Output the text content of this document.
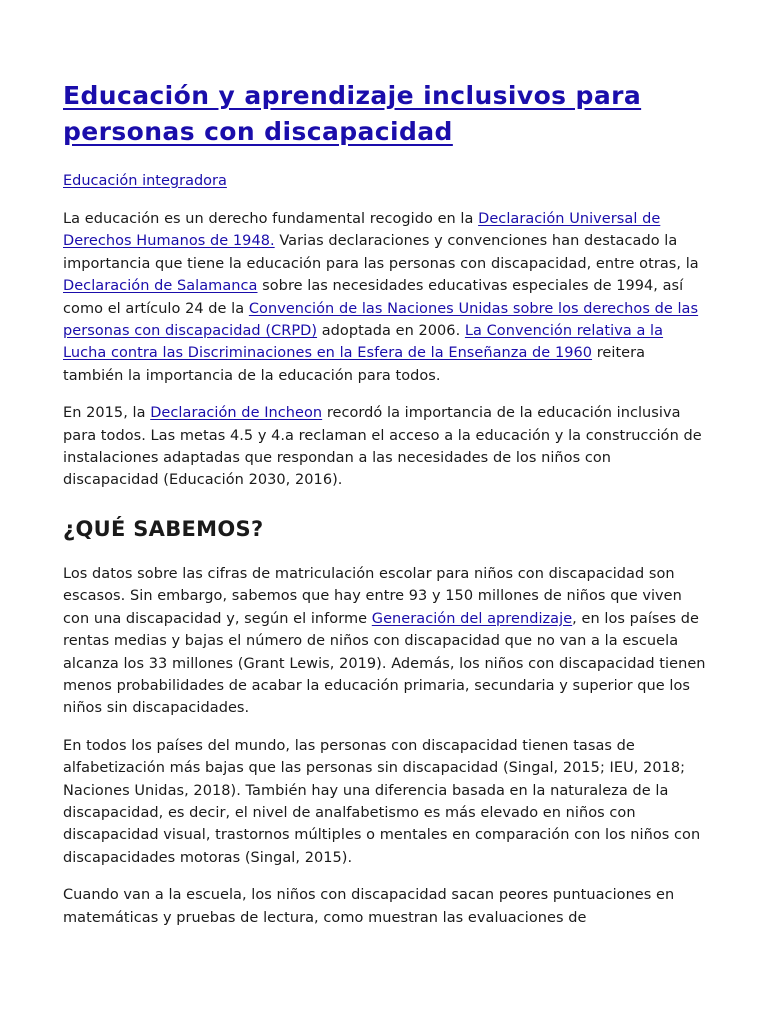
Educación y aprendizaje inclusivos para personas con discapacidad
Educación integradora

La educación es un derecho fundamental recogido en la Declaración Universal de Derechos Humanos de 1948. Varias declaraciones y convenciones han destacado la importancia que tiene la educación para las personas con discapacidad, entre otras, la Declaración de Salamanca sobre las necesidades educativas especiales de 1994, así como el artículo 24 de la Convención de las Naciones Unidas sobre los derechos de las personas con discapacidad (CRPD) adoptada en 2006. La Convención relativa a la Lucha contra las Discriminaciones en la Esfera de la Enseñanza de 1960 reitera también la importancia de la educación para todos.

En 2015, la Declaración de Incheon recordó la importancia de la educación inclusiva para todos. Las metas 4.5 y 4.a reclaman el acceso a la educación y la construcción de instalaciones adaptadas que respondan a las necesidades de los niños con discapacidad (Educación 2030, 2016).

¿QUÉ SABEMOS?

Los datos sobre las cifras de matriculación escolar para niños con discapacidad son escasos. Sin embargo, sabemos que hay entre 93 y 150 millones de niños que viven con una discapacidad y, según el informe Generación del aprendizaje, en los países de rentas medias y bajas el número de niños con discapacidad que no van a la escuela alcanza los 33 millones (Grant Lewis, 2019). Además, los niños con discapacidad tienen menos probabilidades de acabar la educación primaria, secundaria y superior que los niños sin discapacidades.

En todos los países del mundo, las personas con discapacidad tienen tasas de alfabetización más bajas que las personas sin discapacidad (Singal, 2015; IEU, 2018; Naciones Unidas, 2018). También hay una diferencia basada en la naturaleza de la discapacidad, es decir, el nivel de analfabetismo es más elevado en niños con discapacidad visual, trastornos múltiples o mentales en comparación con los niños con discapacidades motoras (Singal, 2015).

Cuando van a la escuela, los niños con discapacidad sacan peores puntuaciones en matemáticas y pruebas de lectura, como muestran las evaluaciones de
